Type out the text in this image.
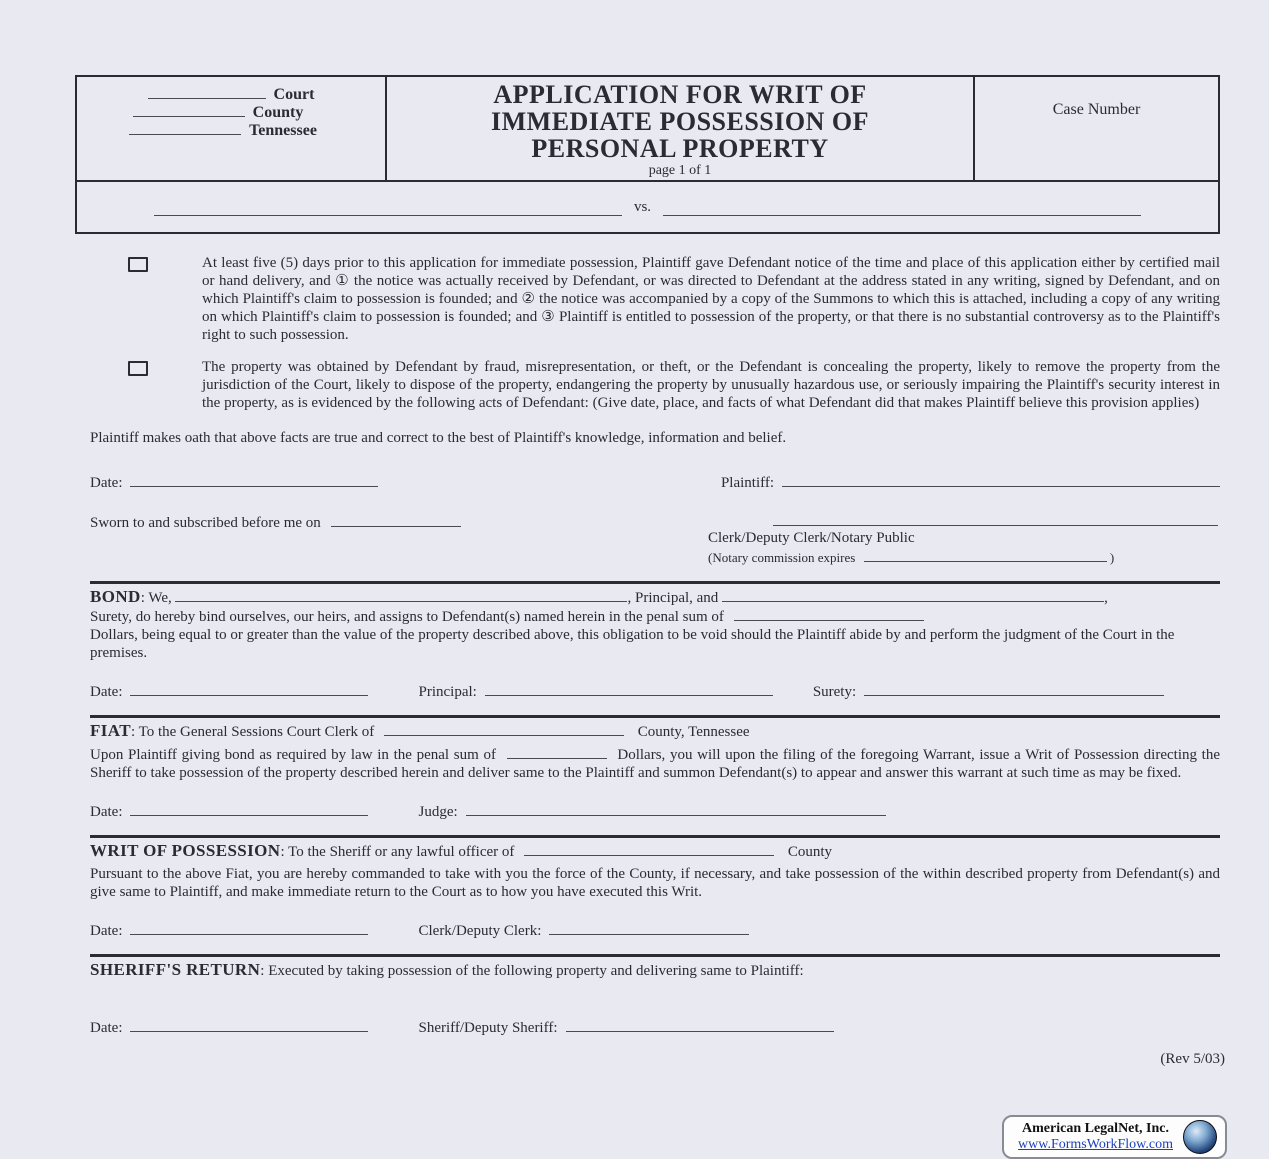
Court
County
Tennessee
APPLICATION FOR WRIT OF
IMMEDIATE POSSESSION OF
PERSONAL PROPERTY
page 1 of 1
Case Number
vs.
At least five (5) days prior to this application for immediate possession, Plaintiff gave Defendant notice of the time and place of this application either by certified mail or hand delivery, and ① the notice was actually received by Defendant, or was directed to Defendant at the address stated in any writing, signed by Defendant, and on which Plaintiff's claim to possession is founded; and ② the notice was accompanied by a copy of the Summons to which this is attached, including a copy of any writing on which Plaintiff's claim to possession is founded; and ③ Plaintiff is entitled to possession of the property, or that there is no substantial controversy as to the Plaintiff's right to such possession.
The property was obtained by Defendant by fraud, misrepresentation, or theft, or the Defendant is concealing the property, likely to remove the property from the jurisdiction of the Court, likely to dispose of the property, endangering the property by unusually hazardous use, or seriously impairing the Plaintiff's security interest in the property, as is evidenced by the following acts of Defendant: (Give date, place, and facts of what Defendant did that makes Plaintiff believe this provision applies)
Plaintiff makes oath that above facts are true and correct to the best of Plaintiff's knowledge, information and belief.
Date:	Plaintiff:
Sworn to and subscribed before me on
Clerk/Deputy Clerk/Notary Public
(Notary commission expires	)
BOND: We,	, Principal, and	,
Surety, do hereby bind ourselves, our heirs, and assigns to Defendant(s) named herein in the penal sum of
Dollars, being equal to or greater than the value of the property described above, this obligation to be void should the Plaintiff abide by and perform the judgment of the Court in the premises.
Date:	Principal:	Surety:
FIAT: To the General Sessions Court Clerk of	County, Tennessee
Upon Plaintiff giving bond as required by law in the penal sum of	Dollars, you will upon the filing of the foregoing Warrant, issue a Writ of Possession directing the Sheriff to take possession of the property described herein and deliver same to the Plaintiff and summon Defendant(s) to appear and answer this warrant at such time as may be fixed.
Date:	Judge:
WRIT OF POSSESSION: To the Sheriff or any lawful officer of	County
Pursuant to the above Fiat, you are hereby commanded to take with you the force of the County, if necessary, and take possession of the within described property from Defendant(s) and give same to Plaintiff, and make immediate return to the Court as to how you have executed this Writ.
Date:	Clerk/Deputy Clerk:
SHERIFF'S RETURN: Executed by taking possession of the following property and delivering same to Plaintiff:
Date:	Sheriff/Deputy Sheriff:
(Rev 5/03)
American LegalNet, Inc.
www.FormsWorkFlow.com
